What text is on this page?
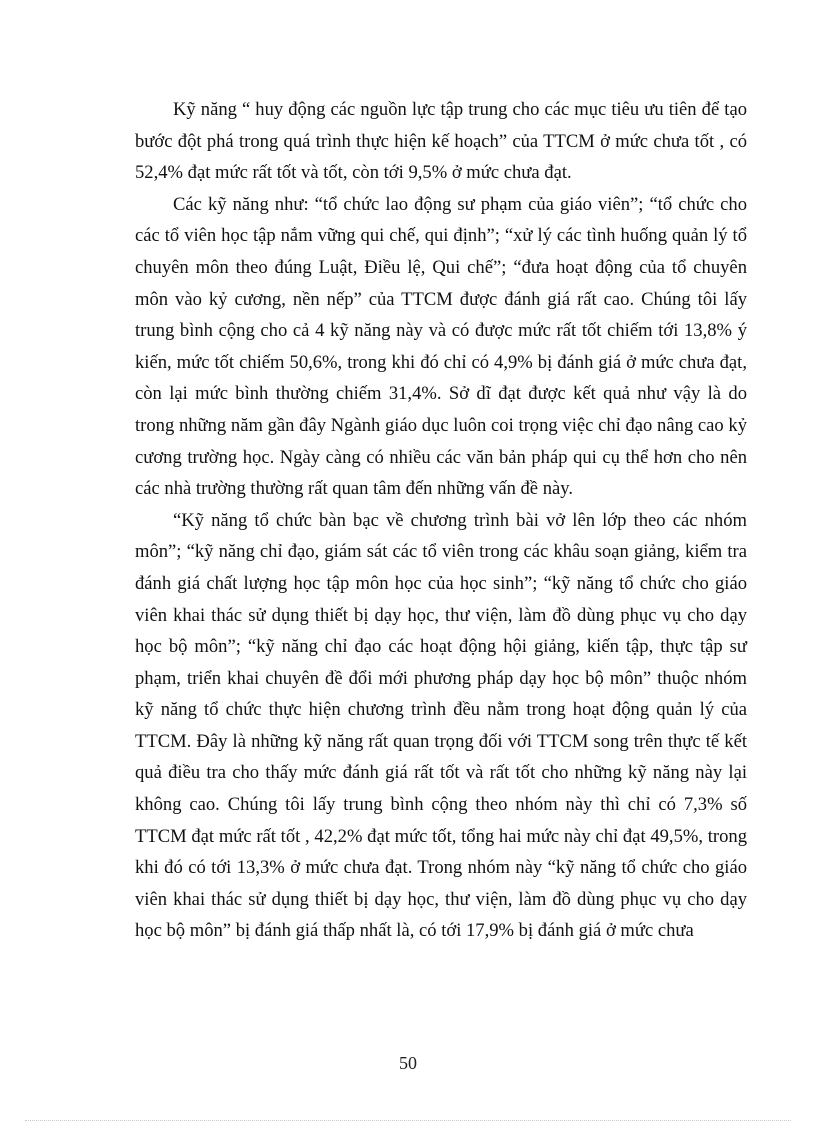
Kỹ năng “ huy động các nguồn lực tập trung cho các mục tiêu ưu tiên để tạo bước đột phá trong quá trình thực hiện kế hoạch” của TTCM ở mức chưa tốt , có 52,4% đạt mức rất tốt và tốt, còn tới 9,5% ở mức chưa đạt.

Các kỹ năng như: “tổ chức lao động sư phạm của giáo viên”; “tổ chức cho các tổ viên học tập nắm vững qui chế, qui định”; “xử lý các tình huống quản lý tổ chuyên môn theo đúng Luật, Điều lệ, Qui chế”; “đưa hoạt động của tổ chuyên môn vào kỷ cương, nền nếp” của TTCM được đánh giá rất cao. Chúng tôi lấy trung bình cộng cho cả 4 kỹ năng này và có được mức rất tốt chiếm tới 13,8% ý kiến, mức tốt chiếm 50,6%, trong khi đó chỉ có 4,9% bị đánh giá ở mức chưa đạt, còn lại mức bình thường chiếm 31,4%. Sở dĩ đạt được kết quả như vậy là do trong những năm gần đây Ngành giáo dục luôn coi trọng việc chỉ đạo nâng cao kỷ cương trường học. Ngày càng có nhiều các văn bản pháp qui cụ thể hơn cho nên các nhà trường thường rất quan tâm đến những vấn đề này.

“Kỹ năng tổ chức bàn bạc về chương trình bài vở lên lớp theo các nhóm môn”; “kỹ năng chỉ đạo, giám sát các tổ viên trong các khâu soạn giảng, kiểm tra đánh giá chất lượng học tập môn học của học sinh”; “kỹ năng tổ chức cho giáo viên khai thác sử dụng thiết bị dạy học, thư viện, làm đồ dùng phục vụ cho dạy học bộ môn”; “kỹ năng chỉ đạo các hoạt động hội giảng, kiến tập, thực tập sư phạm, triển khai chuyên đề đổi mới phương pháp dạy học bộ môn” thuộc nhóm kỹ năng tổ chức thực hiện chương trình đều nằm trong hoạt động quản lý của TTCM. Đây là những kỹ năng rất quan trọng đối với TTCM song trên thực tế kết quả điều tra cho thấy mức đánh giá rất tốt và rất tốt cho những kỹ năng này lại không cao. Chúng tôi lấy trung bình cộng theo nhóm này thì chỉ có 7,3% số TTCM đạt mức rất tốt , 42,2% đạt mức tốt, tổng hai mức này chỉ đạt 49,5%, trong khi đó có tới 13,3% ở mức chưa đạt. Trong nhóm này “kỹ năng tổ chức cho giáo viên khai thác sử dụng thiết bị dạy học, thư viện, làm đồ dùng phục vụ cho dạy học bộ môn” bị đánh giá thấp nhất là, có tới 17,9% bị đánh giá ở mức chưa

50
